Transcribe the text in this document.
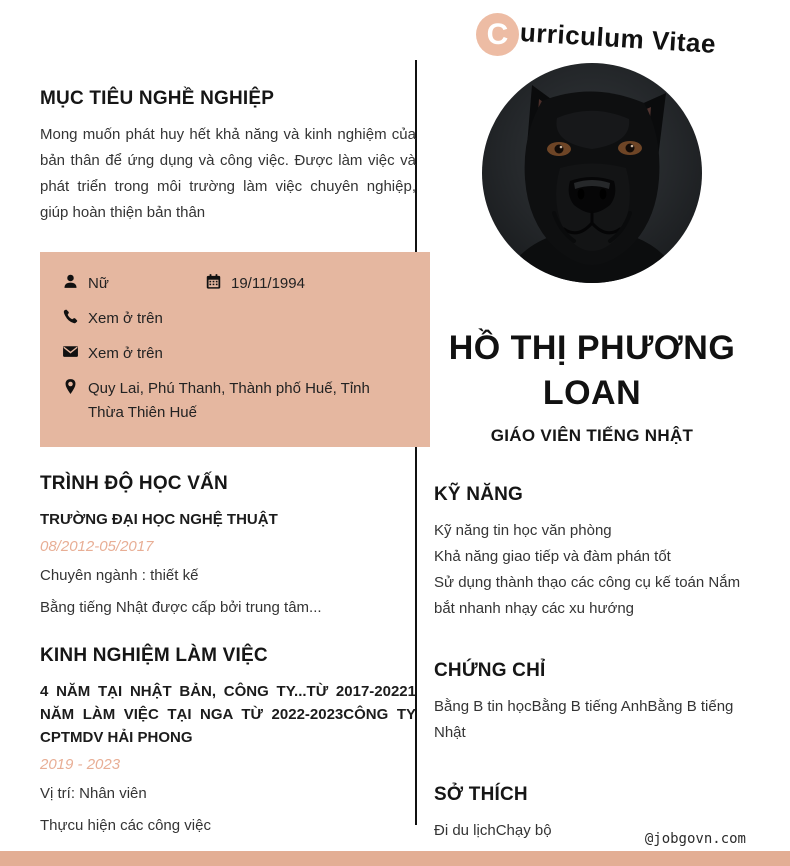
C urriculum Vitae
MỤC TIÊU NGHỀ NGHIỆP

Mong muốn phát huy hết khả năng và kinh nghiệm của bản thân để ứng dụng và công việc. Được làm việc và phát triển trong môi trường làm việc chuyên nghiệp, giúp hoàn thiện bản thân

Nữ	19/11/1994
Xem ở trên
Xem ở trên
Quy Lai, Phú Thanh, Thành phố Huế, Tỉnh Thừa Thiên Huế
TRÌNH ĐỘ HỌC VẤN
TRƯỜNG ĐẠI HỌC NGHỆ THUẬT
08/2012-05/2017
Chuyên ngành : thiết kế
Bằng tiếng Nhật được cấp bởi trung tâm...
KINH NGHIỆM LÀM VIỆC
4 NĂM TẠI NHẬT BẢN, CÔNG TY...TỪ 2017-20221 NĂM LÀM VIỆC TẠI NGA TỪ 2022-2023CÔNG TY CPTMDV HẢI PHONG
2019 - 2023
Vị trí: Nhân viên
Thựcu hiện các công việc
HỒ THỊ PHƯƠNG LOAN
GIÁO VIÊN TIẾNG NHẬT
KỸ NĂNG
Kỹ năng tin học văn phòng
Khả năng giao tiếp và đàm phán tốt
Sử dụng thành thạo các công cụ kế toán Nắm bắt nhanh nhạy các xu hướng
CHỨNG CHỈ
Bằng B tin họcBằng B tiếng AnhBằng B tiếng Nhật
SỞ THÍCH
Đi du lịchChạy bộ	@jobgovn.com
